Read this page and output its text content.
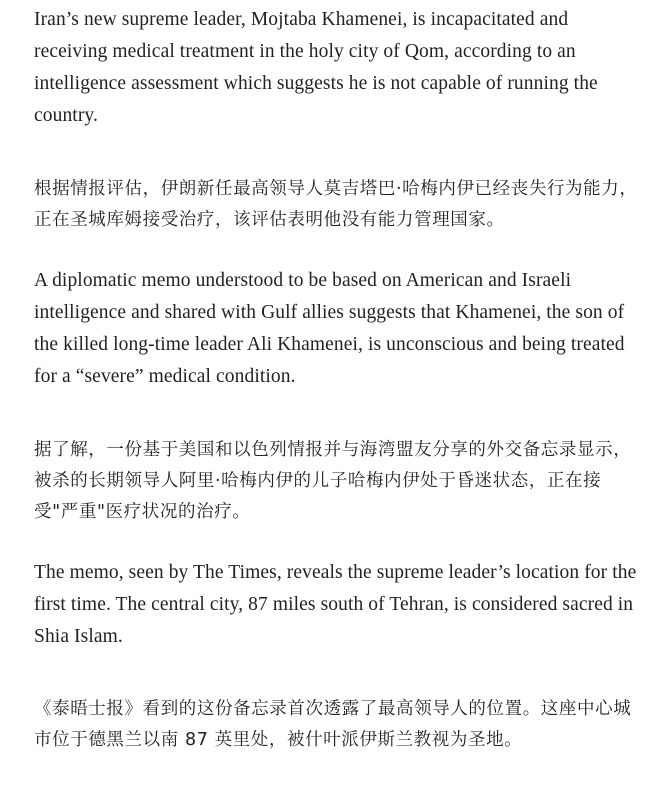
Iran’s new supreme leader, Mojtaba Khamenei, is incapacitated and receiving medical treatment in the holy city of Qom, according to an intelligence assessment which suggests he is not capable of running the country.

根据情报评估，伊朗新任最高领导人莫吉塔巴·哈梅内伊已经丧失行为能力，正在圣城库姆接受治疗，该评估表明他没有能力管理国家。

A diplomatic memo understood to be based on American and Israeli intelligence and shared with Gulf allies suggests that Khamenei, the son of the killed long-time leader Ali Khamenei, is unconscious and being treated for a “severe” medical condition.

据了解，一份基于美国和以色列情报并与海湾盟友分享的外交备忘录显示，被杀的长期领导人阿里·哈梅内伊的儿子哈梅内伊处于昏迷状态，正在接受"严重"医疗状况的治疗。

The memo, seen by The Times, reveals the supreme leader’s location for the first time. The central city, 87 miles south of Tehran, is considered sacred in Shia Islam.

《泰晤士报》看到的这份备忘录首次透露了最高领导人的位置。这座中心城市位于德黑兰以南 87 英里处，被什叶派伊斯兰教视为圣地。
